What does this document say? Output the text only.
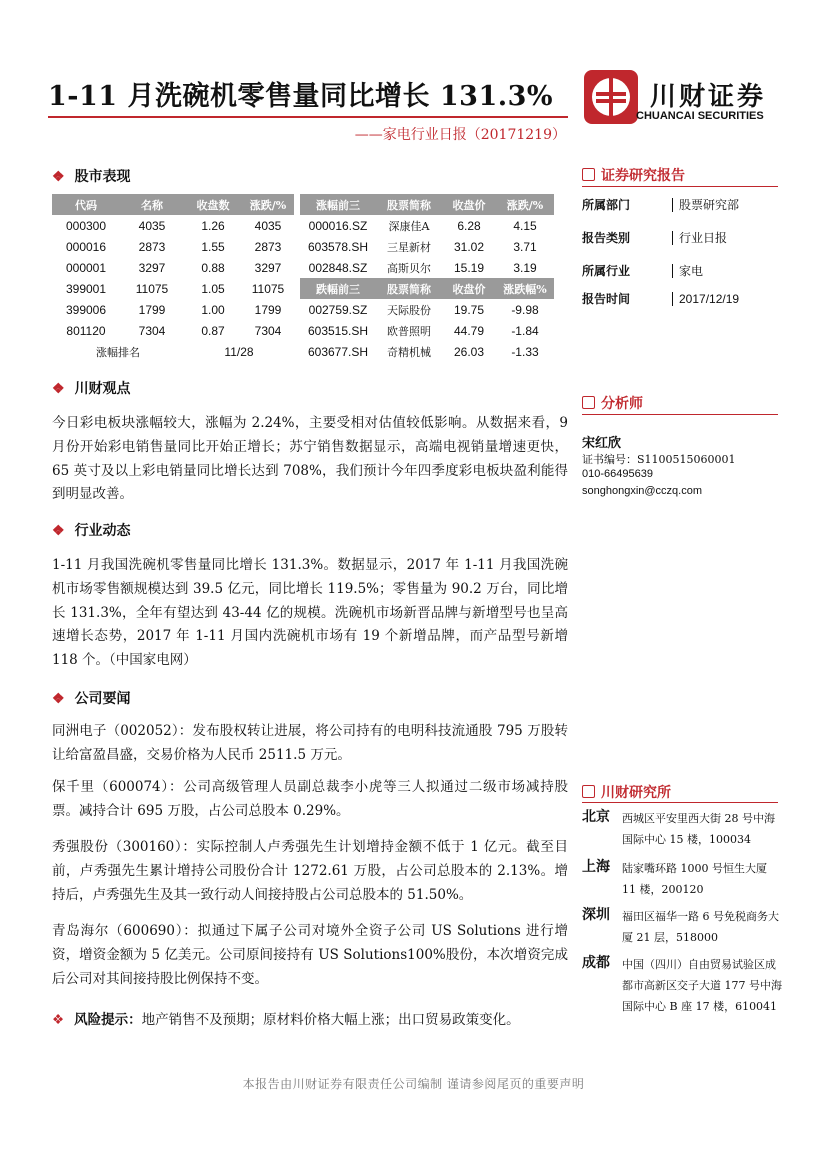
1-11 月洗碗机零售量同比增长 131.3%
——家电行业日报（20171219）
川财证券
CHUANCAI SECURITIES
❖ 股市表现
代码	名称	收盘数	涨跌/%		涨幅前三	股票简称	收盘价	涨跌/%
000300	4035	1.26	4035		000016.SZ	深康佳A	6.28	4.15
000016	2873	1.55	2873		603578.SH	三星新材	31.02	3.71
000001	3297	0.88	3297		002848.SZ	高斯贝尔	15.19	3.19
399001	11075	1.05	11075		跌幅前三	股票简称	收盘价	涨跌幅%
399006	1799	1.00	1799		002759.SZ	天际股份	19.75	-9.98
801120	7304	0.87	7304		603515.SH	欧普照明	44.79	-1.84
涨幅排名		11/28			603677.SH	奇精机械	26.03	-1.33
❖ 川财观点
今日彩电板块涨幅较大，涨幅为 2.24%，主要受相对估值较低影响。从数据来看，9 月份开始彩电销售量同比开始正增长；苏宁销售数据显示，高端电视销量增速更快，65 英寸及以上彩电销量同比增长达到 708%，我们预计今年四季度彩电板块盈利能得到明显改善。
❖ 行业动态
1-11 月我国洗碗机零售量同比增长 131.3%。数据显示，2017 年 1-11 月我国洗碗机市场零售额规模达到 39.5 亿元，同比增长 119.5%；零售量为 90.2 万台，同比增长 131.3%，全年有望达到 43-44 亿的规模。洗碗机市场新晋品牌与新增型号也呈高速增长态势，2017 年 1-11 月国内洗碗机市场有 19 个新增品牌，而产品型号新增 118 个。（中国家电网）
❖ 公司要闻
同洲电子（002052）：发布股权转让进展，将公司持有的电明科技流通股 795 万股转让给富盈昌盛，交易价格为人民币 2511.5 万元。
保千里（600074）：公司高级管理人员副总裁李小虎等三人拟通过二级市场减持股票。减持合计 695 万股，占公司总股本 0.29%。
秀强股份（300160）：实际控制人卢秀强先生计划增持金额不低于 1 亿元。截至目前，卢秀强先生累计增持公司股份合计 1272.61 万股，占公司总股本的 2.13%。增持后，卢秀强先生及其一致行动人间接持股占公司总股本的 51.50%。
青岛海尔（600690）：拟通过下属子公司对境外全资子公司 US Solutions 进行增资，增资金额为 5 亿美元。公司原间接持有 US Solutions100%股份，本次增资完成后公司对其间接持股比例保持不变。
❖ 风险提示：地产销售不及预期；原材料价格大幅上涨；出口贸易政策变化。
证券研究报告
所属部门	股票研究部
报告类别	行业日报
所属行业	家电
报告时间	2017/12/19
分析师
宋红欣
证书编号：S1100515060001
010-66495639
songhongxin@cczq.com
川财研究所
北京 西城区平安里西大街 28 号中海国际中心 15 楼，100034
上海 陆家嘴环路 1000 号恒生大厦 11 楼，200120
深圳 福田区福华一路 6 号免税商务大厦 21 层，518000
成都 中国（四川）自由贸易试验区成都市高新区交子大道 177 号中海国际中心 B 座 17 楼，610041
本报告由川财证券有限责任公司编制 谨请参阅尾页的重要声明
